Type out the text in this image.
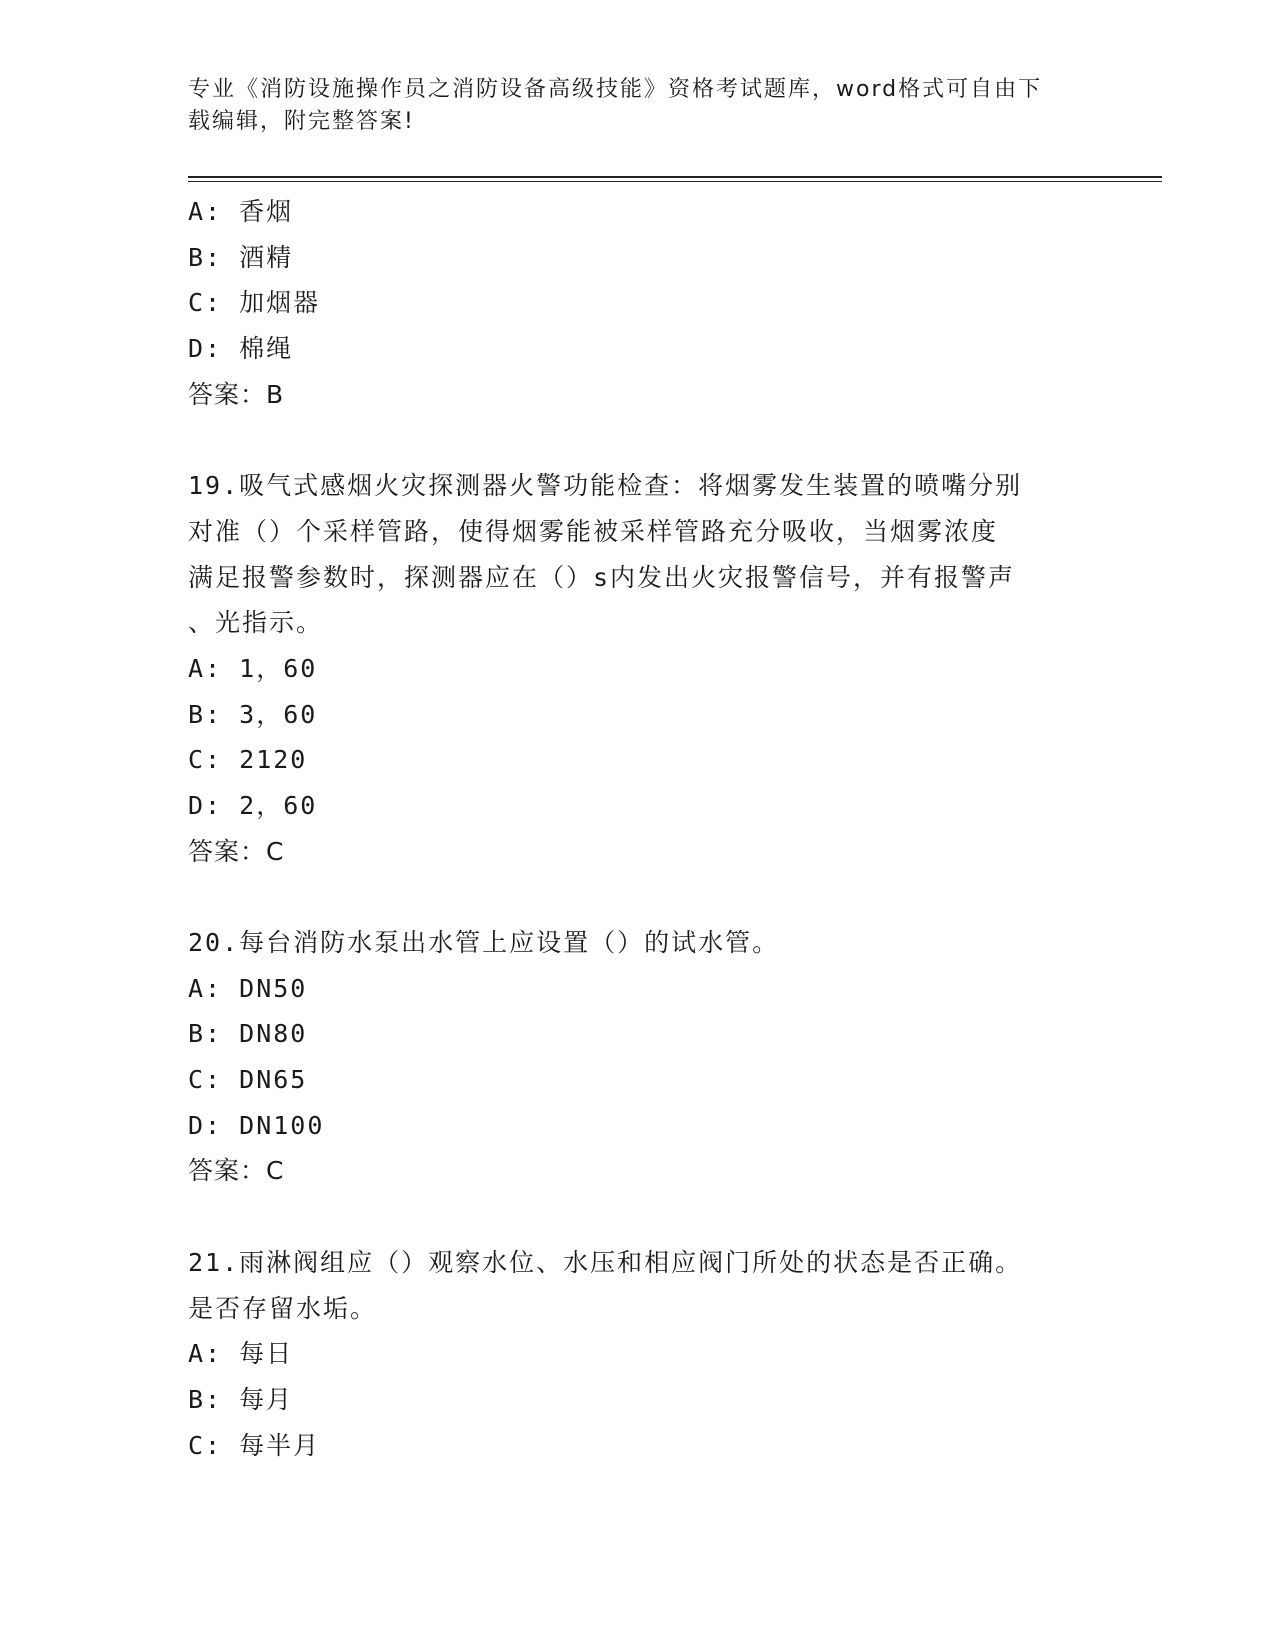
专业《消防设施操作员之消防设备高级技能》资格考试题库，word格式可自由下
载编辑，附完整答案!
A: 香烟
B: 酒精
C: 加烟器
D: 棉绳
答案：B
19.吸气式感烟火灾探测器火警功能检查：将烟雾发生装置的喷嘴分别
对准（）个采样管路，使得烟雾能被采样管路充分吸收，当烟雾浓度
满足报警参数时，探测器应在（）s内发出火灾报警信号，并有报警声
、光指示。
A: 1，60
B: 3，60
C: 2120
D: 2，60
答案：C
20.每台消防水泵出水管上应设置（）的试水管。
A: DN50
B: DN80
C: DN65
D: DN100
答案：C
21.雨淋阀组应（）观察水位、水压和相应阀门所处的状态是否正确。
是否存留水垢。
A: 每日
B: 每月
C: 每半月
